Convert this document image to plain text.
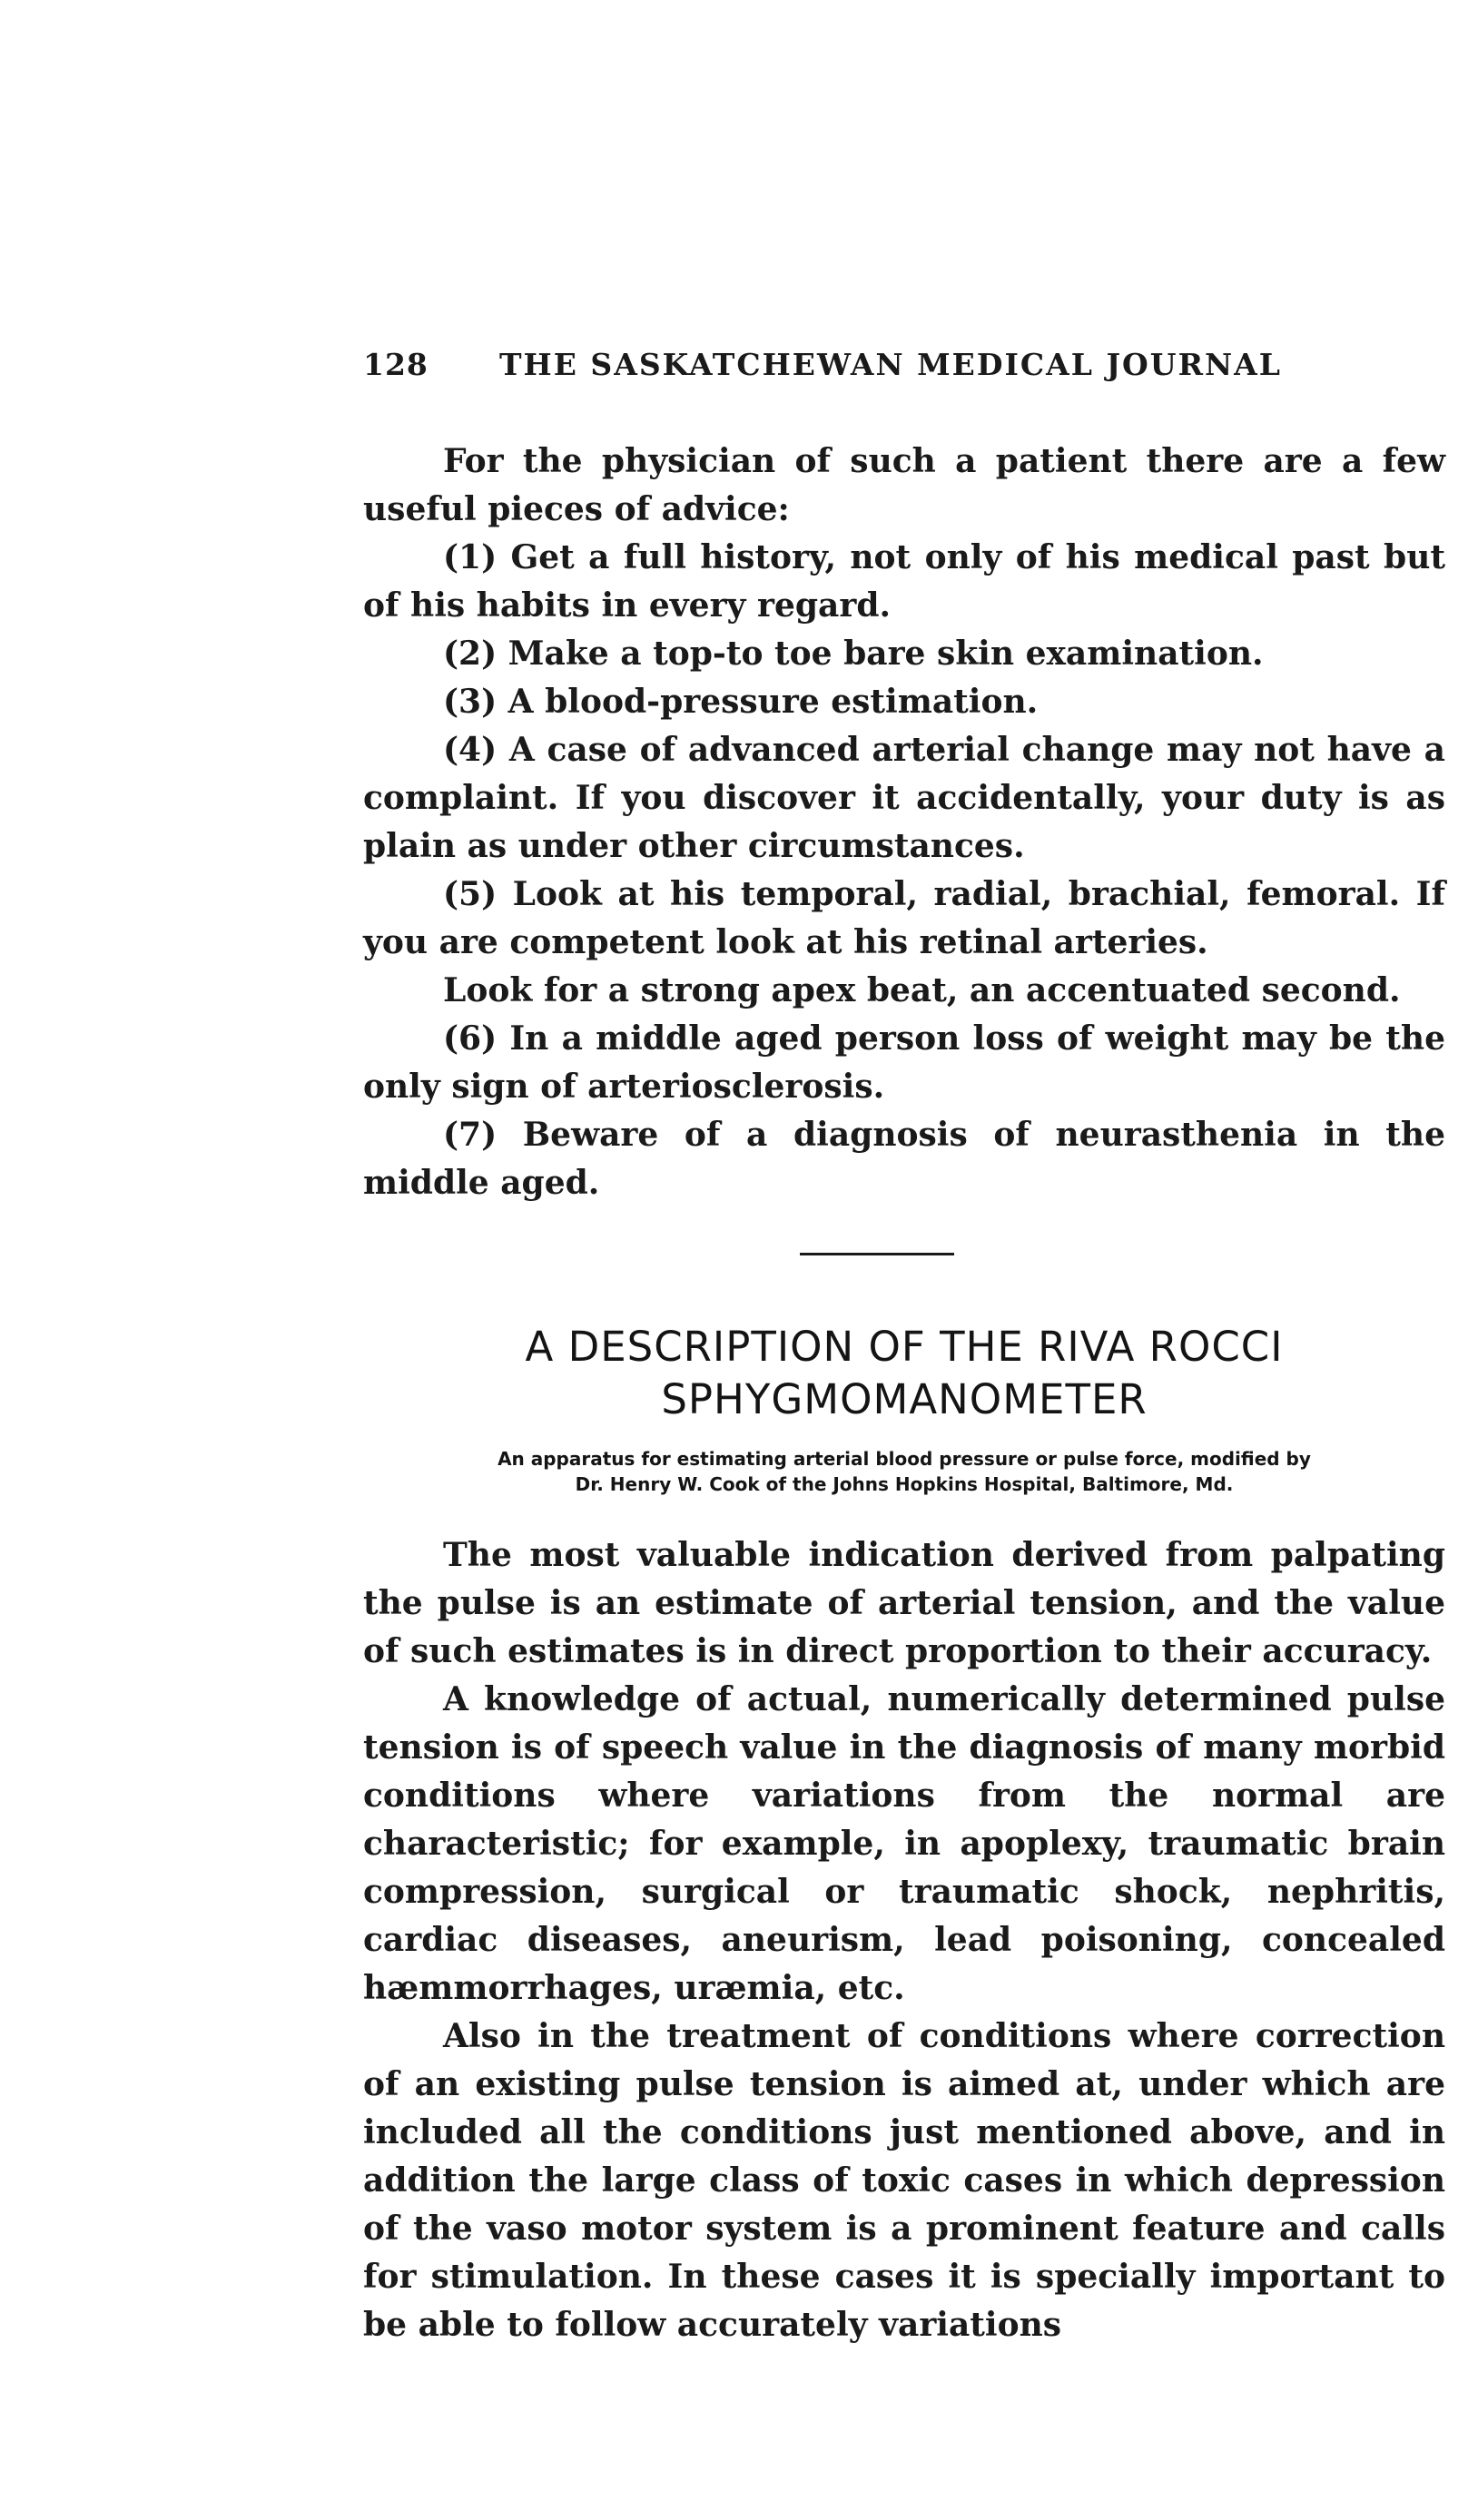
128 THE SASKATCHEWAN MEDICAL JOURNAL

For the physician of such a patient there are a few useful pieces of advice:

(1) Get a full history, not only of his medical past but of his habits in every regard.

(2) Make a top-to toe bare skin examination.

(3) A blood-pressure estimation.

(4) A case of advanced arterial change may not have a complaint. If you discover it accidentally, your duty is as plain as under other circumstances.

(5) Look at his temporal, radial, brachial, femoral. If you are competent look at his retinal arteries.

Look for a strong apex beat, an accentuated second.

(6) In a middle aged person loss of weight may be the only sign of arteriosclerosis.

(7) Beware of a diagnosis of neurasthenia in the middle aged.

A DESCRIPTION OF THE RIVA ROCCI
SPHYGMOMANOMETER

An apparatus for estimating arterial blood pressure or pulse force, modified by
Dr. Henry W. Cook of the Johns Hopkins Hospital, Baltimore, Md.

The most valuable indication derived from palpating the pulse is an estimate of arterial tension, and the value of such estimates is in direct proportion to their accuracy.

A knowledge of actual, numerically determined pulse tension is of speech value in the diagnosis of many morbid conditions where variations from the normal are characteristic; for example, in apoplexy, traumatic brain compression, surgical or traumatic shock, nephritis, cardiac diseases, aneurism, lead poisoning, concealed hæmmorrhages, uræmia, etc.

Also in the treatment of conditions where correction of an existing pulse tension is aimed at, under which are included all the conditions just mentioned above, and in addition the large class of toxic cases in which depression of the vaso motor system is a prominent feature and calls for stimulation. In these cases it is specially important to be able to follow accurately variations
